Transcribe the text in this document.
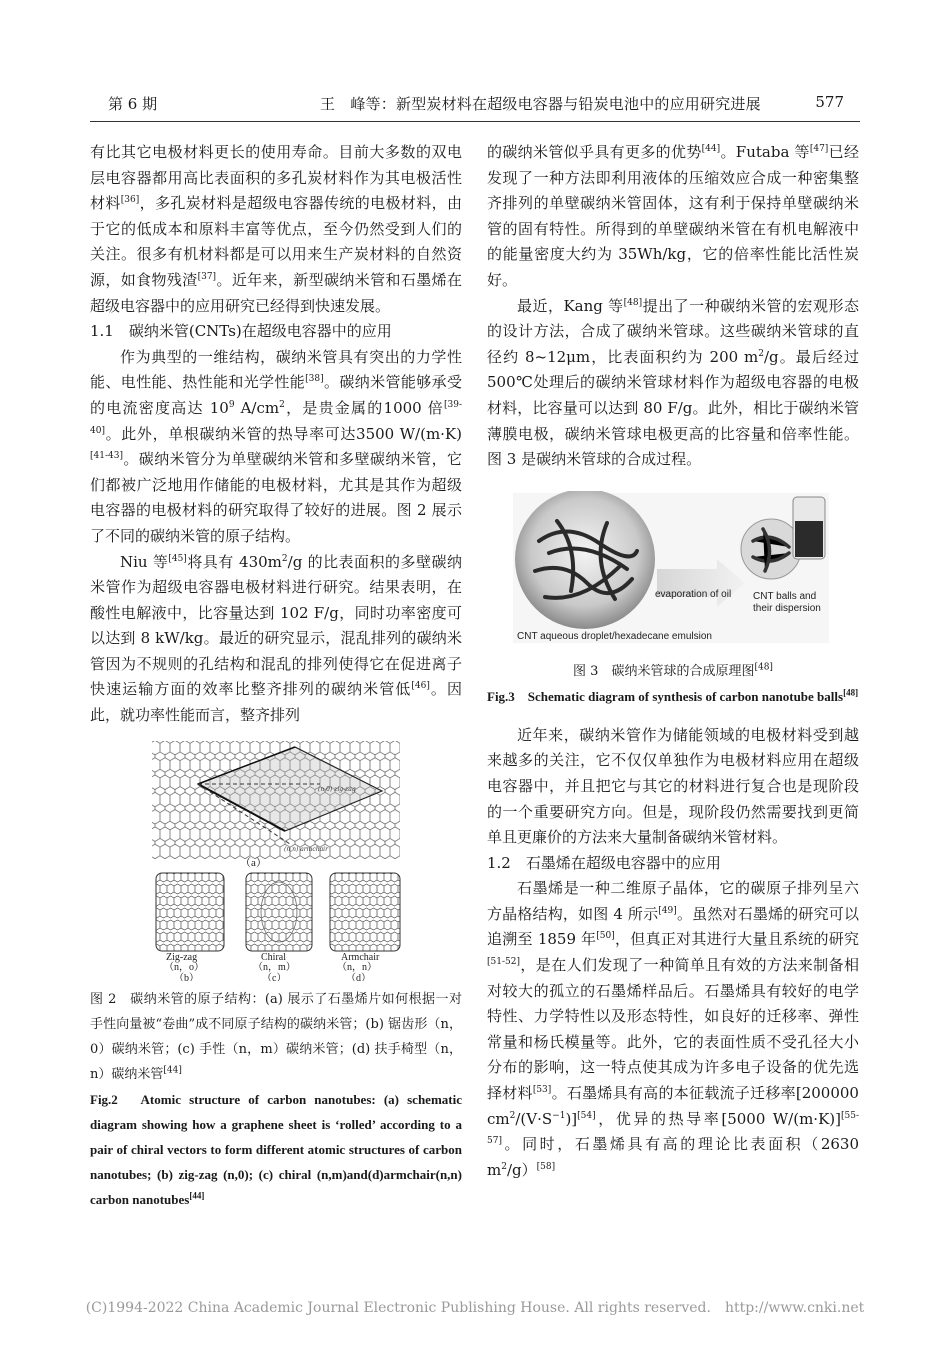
第 6 期	王　峰等：新型炭材料在超级电容器与铅炭电池中的应用研究进展	577

有比其它电极材料更长的使用寿命。目前大多数的双电层电容器都用高比表面积的多孔炭材料作为其电极活性材料[36]，多孔炭材料是超级电容器传统的电极材料，由于它的低成本和原料丰富等优点，至今仍然受到人们的关注。很多有机材料都是可以用来生产炭材料的自然资源，如食物残渣[37]。近年来，新型碳纳米管和石墨烯在超级电容器中的应用研究已经得到快速发展。

1.1　碳纳米管(CNTs)在超级电容器中的应用

作为典型的一维结构，碳纳米管具有突出的力学性能、电性能、热性能和光学性能[38]。碳纳米管能够承受的电流密度高达 $10^9$ $A/cm^2$，是贵金属的1000 倍[39-40]。此外，单根碳纳米管的热导率可达3500 W/(m·K)[41-43]。碳纳米管分为单壁碳纳米管和多壁碳纳米管，它们都被广泛地用作储能的电极材料，尤其是其作为超级电容器的电极材料的研究取得了较好的进展。图 2 展示了不同的碳纳米管的原子结构。

Niu 等[45]将具有 $430m^2/g$ 的比表面积的多壁碳纳米管作为超级电容器电极材料进行研究。结果表明，在酸性电解液中，比容量达到 102 F/g，同时功率密度可以达到 8 kW/kg。最近的研究显示，混乱排列的碳纳米管因为不规则的孔结构和混乱的排列使得它在促进离子快速运输方面的效率比整齐排列的碳纳米管低[46]。因此，就功率性能而言，整齐排列

(n,0) zig-zag
(n,n) armchair
（a）
Zig-zag
（n，o）
（b）
Chiral
（n，m）
（c）
Armchair
（n，n）
（d）

图 2　碳纳米管的原子结构：(a) 展示了石墨烯片如何根据一对手性向量被“卷曲”成不同原子结构的碳纳米管；(b) 锯齿形（n，0）碳纳米管；(c) 手性（n，m）碳纳米管；(d) 扶手椅型（n，n）碳纳米管[44]

Fig.2　Atomic structure of carbon nanotubes: (a) schematic diagram showing how a graphene sheet is ‘rolled’ according to a pair of chiral vectors to form different atomic structures of carbon nanotubes; (b) zig-zag (n,0); (c) chiral (n,m)and(d)armchair(n,n) carbon nanotubes[44]

的碳纳米管似乎具有更多的优势[44]。Futaba 等[47]已经发现了一种方法即利用液体的压缩效应合成一种密集整齐排列的单壁碳纳米管固体，这有利于保持单壁碳纳米管的固有特性。所得到的单壁碳纳米管在有机电解液中的能量密度大约为 35Wh/kg，它的倍率性能比活性炭好。

最近，Kang 等[48]提出了一种碳纳米管的宏观形态的设计方法，合成了碳纳米管球。这些碳纳米管球的直径约 8~12μm，比表面积约为 200 $m^2/g$。最后经过 500℃处理后的碳纳米管球材料作为超级电容器的电极材料，比容量可以达到 80 F/g。此外，相比于碳纳米管薄膜电极，碳纳米管球电极更高的比容量和倍率性能。图 3 是碳纳米管球的合成过程。

evaporation of oil CNT balls and
their dispersion
CNT aqueous droplet/hexadecane emulsion

图 3　碳纳米管球的合成原理图[48]

Fig.3　Schematic diagram of synthesis of carbon nanotube balls[48]

近年来，碳纳米管作为储能领域的电极材料受到越来越多的关注，它不仅仅单独作为电极材料应用在超级电容器中，并且把它与其它的材料进行复合也是现阶段的一个重要研究方向。但是，现阶段仍然需要找到更简单且更廉价的方法来大量制备碳纳米管材料。

1.2　石墨烯在超级电容器中的应用

石墨烯是一种二维原子晶体，它的碳原子排列呈六方晶格结构，如图 4 所示[49]。虽然对石墨烯的研究可以追溯至 1859 年[50]，但真正对其进行大量且系统的研究[51-52]，是在人们发现了一种简单且有效的方法来制备相对较大的孤立的石墨烯样品后。石墨烯具有较好的电学特性、力学特性以及形态特性，如良好的迁移率、弹性常量和杨氏模量等。此外，它的表面性质不受孔径大小分布的影响，这一特点使其成为许多电子设备的优先选择材料[53]。石墨烯具有高的本征载流子迁移率[200000 $cm^2/(V\cdot S^{-1})][54]$，优异的热导率[5000 W/(m·K)][55-57]。同时，石墨烯具有高的理论比表面积（2630 $m^2/g)[58]$

(C)1994-2022 China Academic Journal Electronic Publishing House. All rights reserved.　http://www.cnki.net
